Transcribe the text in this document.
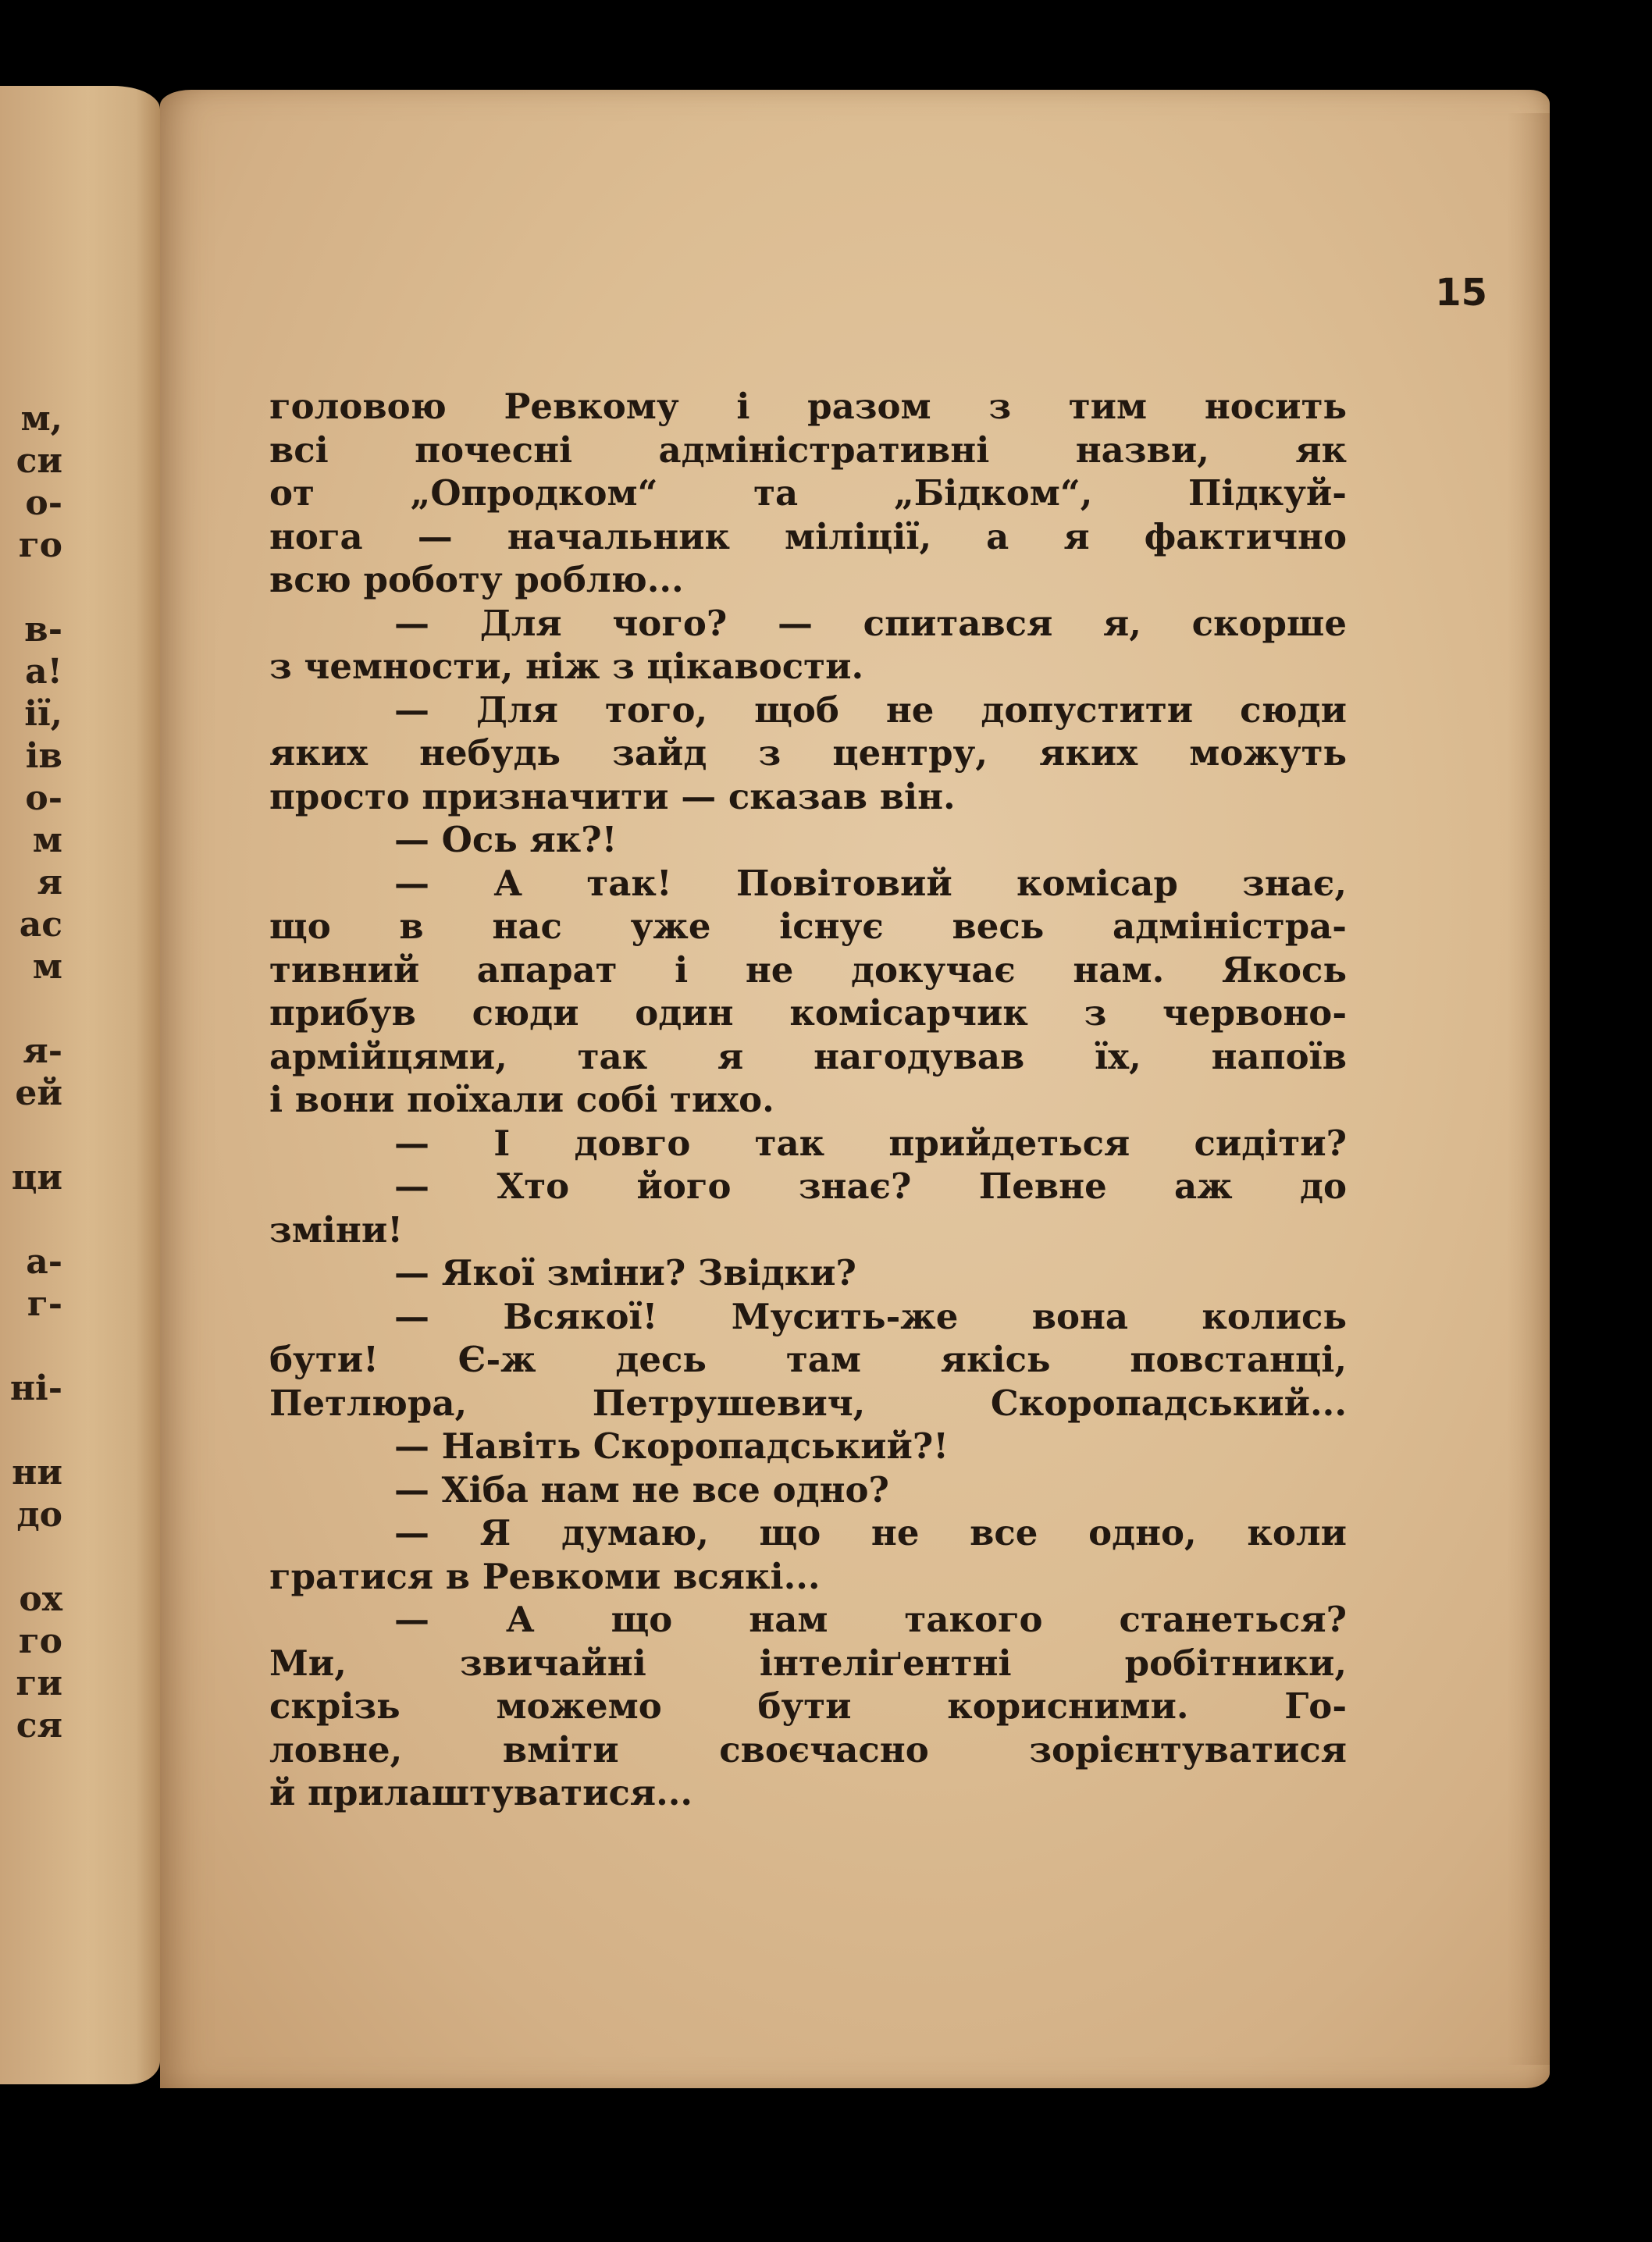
м,
си
о-
го
в-
а!
ії,
ів
о-
м
я
ас
м
я-
ей
ци
а-
г-
ні-
ни
до
ох
го
ги
ся

15

головою Ревкому і разом з тим носить
всі почесні адміністративні назви, як
от „Опродком“ та „Бідком“, Підкуй-
нога — начальник міліції, а я фактично
всю роботу роблю...
— Для чого? — спитався я, скорше
з чемности, ніж з цікавости.
— Для того, щоб не допустити сюди
яких небудь зайд з центру, яких можуть
просто призначити — сказав він.
— Ось як?!
— А так! Повітовий комісар знає,
що в нас уже існує весь адміністра-
тивний апарат і не докучає нам. Якось
прибув сюди один комісарчик з червоно-
армійцями, так я нагодував їх, напоїв
і вони поїхали собі тихо.
— І довго так прийдеться сидіти?
— Хто його знає? Певне аж до
зміни!
— Якої зміни? Звідки?
— Всякої! Мусить-же вона колись
бути! Є-ж десь там якісь повстанці,
Петлюра, Петрушевич, Скоропадський...
— Навіть Скоропадський?!
— Хіба нам не все одно?
— Я думаю, що не все одно, коли
гратися в Ревкоми всякі...
— А що нам такого станеться?
Ми, звичайні інтеліґентні робітники,
скрізь можемо бути корисними. Го-
ловне, вміти своєчасно зорієнтуватися
й прилаштуватися...
